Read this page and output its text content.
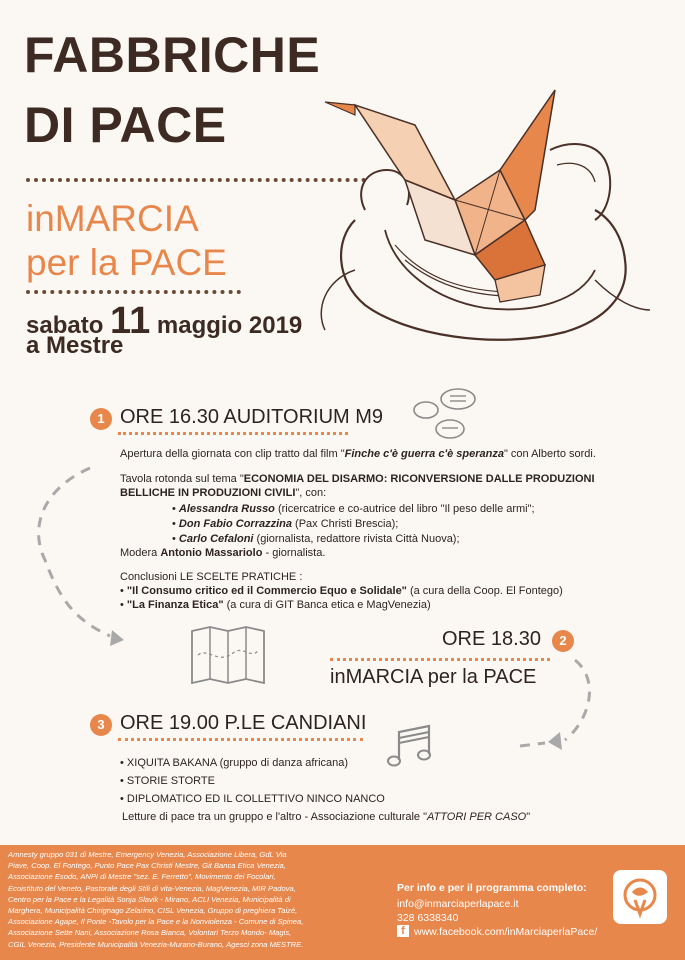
FABBRICHE
DI PACE
inMARCIA
per la PACE
sabato 11 maggio 2019
a Mestre
1 ORE 16.30 AUDITORIUM M9
Apertura della giornata con clip tratto dal film "Finche c'è guerra c'è speranza" con Alberto sordi.
Tavola rotonda sul tema "ECONOMIA DEL DISARMO: RICONVERSIONE DALLE PRODUZIONI
BELLICHE IN PRODUZIONI CIVILI", con:
• Alessandra Russo (ricercatrice e co-autrice del libro "Il peso delle armi";
• Don Fabio Corrazzina (Pax Christi Brescia);
• Carlo Cefaloni (giornalista, redattore rivista Città Nuova);
Modera Antonio Massariolo - giornalista.
Conclusioni LE SCELTE PRATICHE :
• "Il Consumo critico ed il Commercio Equo e Solidale" (a cura della Coop. El Fontego)
• "La Finanza Etica" (a cura di GIT Banca etica e MagVenezia)
ORE 18.30	2
inMARCIA per la PACE
3 ORE 19.00 P.LE CANDIANI
• XIQUITA BAKANA (gruppo di danza africana)
• STORIE STORTE
• DIPLOMATICO ED IL COLLETTIVO NINCO NANCO
Letture di pace tra un gruppo e l'altro - Associazione culturale "ATTORI PER CASO"
Amnesty gruppo 031 di Mestre, Emergency Venezia, Associazione Libera, GdL Via Piave, Coop. El Fontego, Punto Pace Pax Christi Mestre, Git Banca Etica Venezia, Associazione Esodo, ANPI di Mestre "sez. E. Ferretto", Movimento dei Focolari, Ecoistituto del Veneto, Pastorale degli Stili di vita-Venezia, MagVenezia, MIR Padova, Centro per la Pace e la Legalità Sonja Slavik - Mirano, ACLI Venezia, Municipalità di Marghera, Municipalità Chirignago Zelarino, CISL Venezia, Gruppo di preghiera Taizé, Associazione Agape, Il Ponte -Tavolo per la Pace e la Nonviolenza - Comune di Spinea, Associazione Sette Nani, Associazione Rosa Bianca, Volontari Terzo Mondo- Magis, CGIL Venezia, Presidente Municipalità Venezia-Murano-Burano, Agesci zona MESTRE.
Per info e per il programma completo:
info@inmarciaperlapace.it
328 6338340
f www.facebook.com/inMarciaperlaPace/
